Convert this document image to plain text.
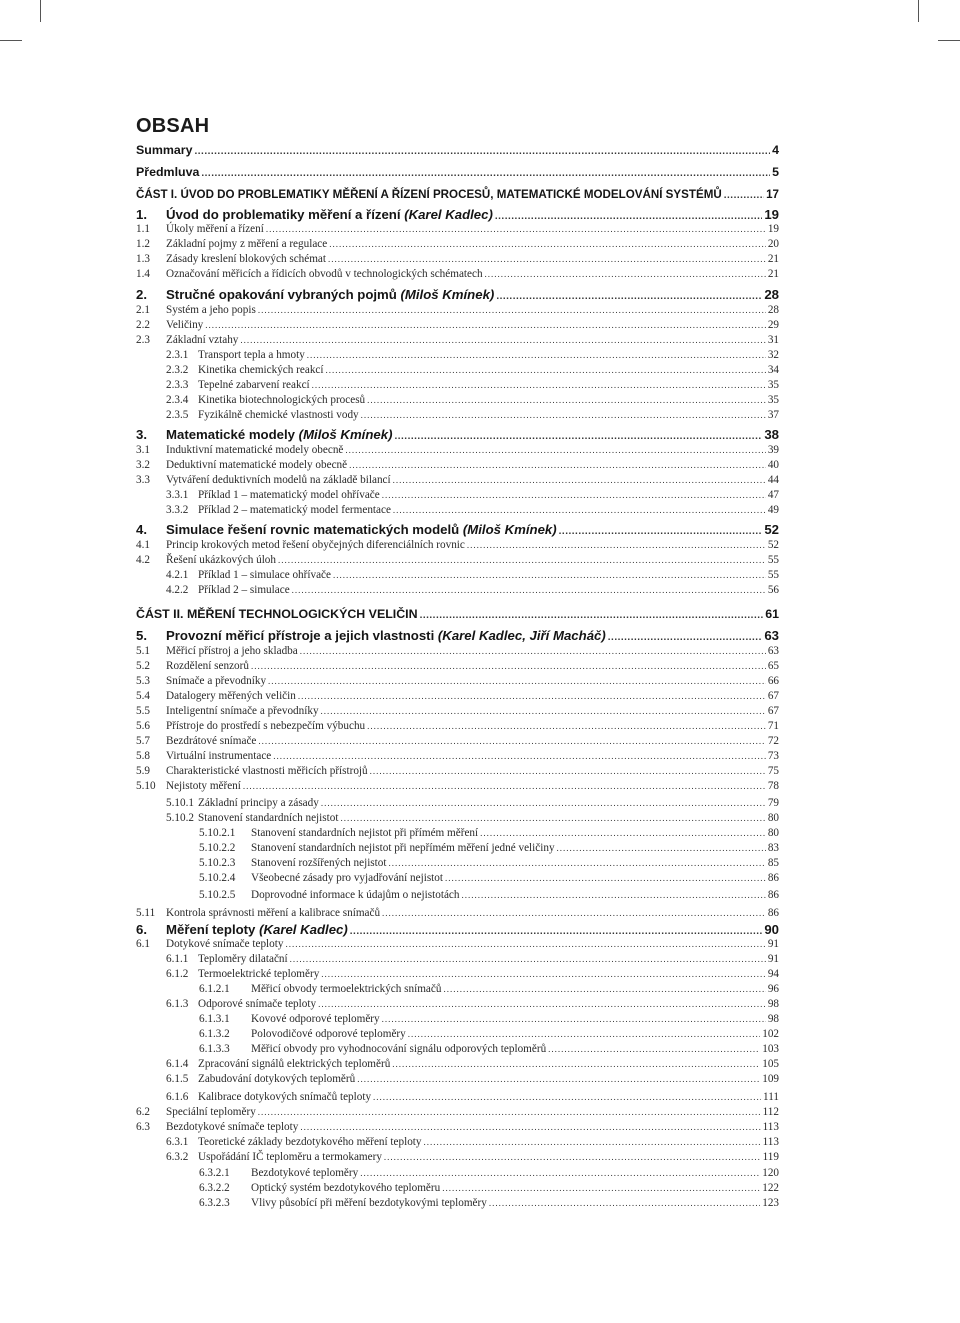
OBSAH
Summary .....	4
Předmluva .....	5
ČÁST I. ÚVOD DO PROBLEMATIKY MĚŘENÍ A ŘÍZENÍ PROCESŮ, MATEMATICKÉ MODELOVÁNÍ SYSTÉMŮ .....	17
1.	Úvod do problematiky měření a řízení (Karel Kadlec) .....	19
1.1	Úkoly měření a řízení .....	19
1.2	Základní pojmy z měření a regulace .....	20
1.3	Zásady kreslení blokových schémat .....	21
1.4	Označování měřicích a řídicích obvodů v technologických schématech .....	21
2.	Stručné opakování vybraných pojmů (Miloš Kmínek) .....	28
2.1	Systém a jeho popis .....	28
2.2	Veličiny .....	29
2.3	Základní vztahy .....	31
2.3.1 Transport tepla a hmoty .....	32
2.3.2 Kinetika chemických reakcí .....	34
2.3.3 Tepelné zabarvení reakcí .....	35
2.3.4 Kinetika biotechnologických procesů .....	35
2.3.5 Fyzikálně chemické vlastnosti vody .....	37
3.	Matematické modely (Miloš Kmínek) .....	38
3.1	Induktivní matematické modely obecně .....	39
3.2	Deduktivní matematické modely obecně .....	40
3.3	Vytváření deduktivních modelů na základě bilancí .....	44
3.3.1 Příklad 1 – matematický model ohřívače .....	47
3.3.2 Příklad 2 – matematický model fermentace .....	49
4.	Simulace řešení rovnic matematických modelů (Miloš Kmínek) .....	52
4.1	Princip krokových metod řešení obyčejných diferenciálních rovnic .....	52
4.2	Řešení ukázkových úloh .....	55
4.2.1 Příklad 1 – simulace ohřívače .....	55
4.2.2 Příklad 2 – simulace .....	56
ČÁST II. MĚŘENÍ TECHNOLOGICKÝCH VELIČIN .....	61
5.	Provozní měřicí přístroje a jejich vlastnosti (Karel Kadlec, Jiří Macháč) .....	63
5.1	Měřicí přístroj a jeho skladba .....	63
5.2	Rozdělení senzorů .....	65
5.3	Snímače a převodníky .....	66
5.4	Datalogery měřených veličin .....	67
5.5	Inteligentní snímače a převodníky .....	67
5.6	Přístroje do prostředí s nebezpečím výbuchu .....	71
5.7	Bezdrátové snímače .....	72
5.8	Virtuální instrumentace .....	73
5.9	Charakteristické vlastnosti měřicích přístrojů .....	75
5.10 Nejistoty měření .....	78
5.10.1 Základní principy a zásady .....	79
5.10.2 Stanovení standardních nejistot .....	80
5.10.2.1	Stanovení standardních nejistot při přímém měření .....	80
5.10.2.2	Stanovení standardních nejistot při nepřímém měření jedné veličiny .....	83
5.10.2.3	Stanovení rozšířených nejistot .....	85
5.10.2.4	Všeobecné zásady pro vyjadřování nejistot .....	86
5.10.2.5	Doprovodné informace k údajům o nejistotách .....	86
5.11 Kontrola správnosti měření a kalibrace snímačů .....	86
6.	Měření teploty (Karel Kadlec) .....	90
6.1	Dotykové snímače teploty .....	91
6.1.1 Teploměry dilatační .....	91
6.1.2 Termoelektrické teploměry .....	94
6.1.2.1	Měřicí obvody termoelektrických snímačů .....	96
6.1.3 Odporové snímače teploty .....	98
6.1.3.1	Kovové odporové teploměry .....	98
6.1.3.2	Polovodičové odporové teploměry .....	102
6.1.3.3	Měřicí obvody pro vyhodnocování signálu odporových teploměrů .....	103
6.1.4 Zpracování signálů elektrických teploměrů .....	105
6.1.5 Zabudování dotykových teploměrů .....	109
6.1.6 Kalibrace dotykových snímačů teploty .....	111
6.2	Speciální teploměry .....	112
6.3	Bezdotykové snímače teploty .....	113
6.3.1 Teoretické základy bezdotykového měření teploty .....	113
6.3.2 Uspořádání IČ teploměru a termokamery .....	119
6.3.2.1	Bezdotykové teploměry .....	120
6.3.2.2	Optický systém bezdotykového teploměru .....	122
6.3.2.3	Vlivy působící při měření bezdotykovými teploměry .....	123
